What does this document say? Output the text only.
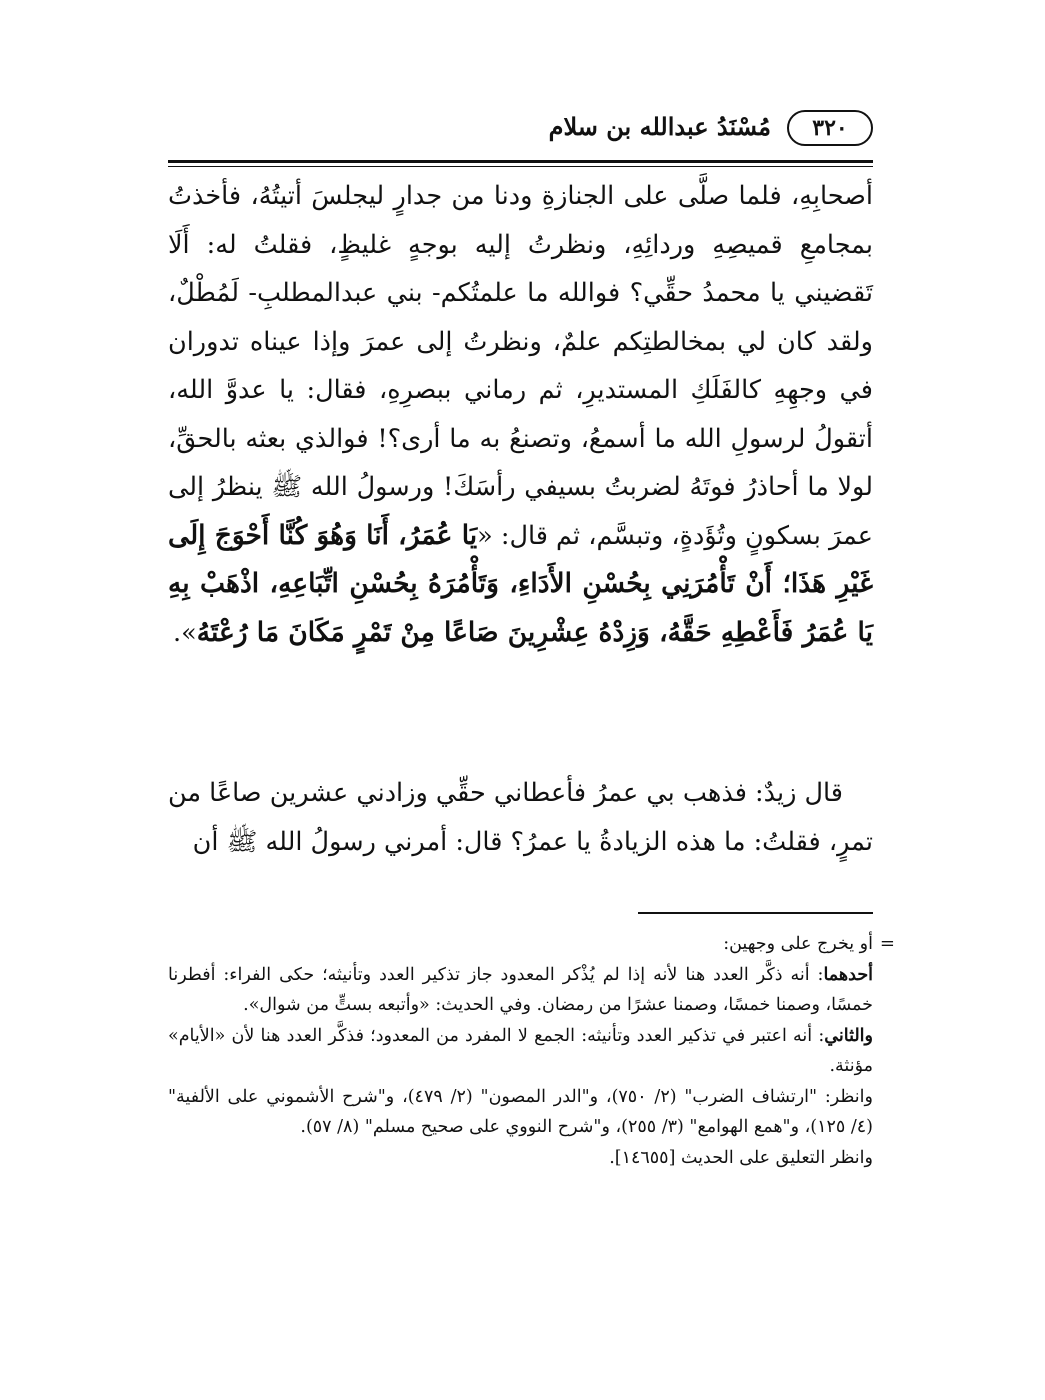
٣٢٠
مُسْنَدُ عبدالله بن سلام

أصحابِهِ، فلما صلَّى على الجنازةِ ودنا من جدارٍ ليجلسَ أتيتُهُ، فأخذتُ بمجامعِ قميصِهِ وردائِهِ، ونظرتُ إليه بوجهٍ غليظٍ، فقلتُ له: أَلَا تَقضيني يا محمدُ حقِّي؟ فوالله ما علمتُكم- بني عبدالمطلبِ- لَمُطْلٌ، ولقد كان لي بمخالطتِكم علمٌ، ونظرتُ إلى عمرَ وإذا عيناه تدوران في وجهِهِ كالفَلَكِ المستديرِ، ثم رماني ببصرِهِ، فقال: يا عدوَّ الله، أتقولُ لرسولِ الله ما أسمعُ، وتصنعُ به ما أرى؟! فوالذي بعثه بالحقِّ، لولا ما أحاذرُ فوتَهُ لضربتُ بسيفي رأسَكَ! ورسولُ الله ﷺ ينظرُ إلى عمرَ بسكونٍ وتُؤَدةٍ، وتبسَّم، ثم قال: «يَا عُمَرُ، أَنَا وَهُوَ كُنَّا أَحْوَجَ إِلَى غَيْرِ هَذَا؛ أَنْ تَأْمُرَنِي بِحُسْنِ الأَدَاءِ، وَتَأْمُرَهُ بِحُسْنِ اتِّبَاعِهِ، اذْهَبْ بِهِ يَا عُمَرُ فَأَعْطِهِ حَقَّهُ، وَزِدْهُ عِشْرِينَ صَاعًا مِنْ تَمْرٍ مَكَانَ مَا رُعْتَهُ».

قال زيدٌ: فذهب بي عمرُ فأعطاني حقِّي وزادني عشرين صاعًا من تمرٍ، فقلتُ: ما هذه الزيادةُ يا عمرُ؟ قال: أمرني رسولُ الله ﷺ أن

=

أو يخرج على وجهين:

أحدهما: أنه ذكَّر العدد هنا لأنه إذا لم يُذْكر المعدود جاز تذكير العدد وتأنيثه؛ حكى الفراء: أفطرنا خمسًا، وصمنا خمسًا، وصمنا عشرًا من رمضان. وفي الحديث: «وأتبعه بستٍّ من شوال».

والثاني: أنه اعتبر في تذكير العدد وتأنيثه: الجمع لا المفرد من المعدود؛ فذكَّر العدد هنا لأن «الأيام» مؤنثة.

وانظر: "ارتشاف الضرب" (٢/ ٧٥٠)، و"الدر المصون" (٢/ ٤٧٩)، و"شرح الأشموني على الألفية" (٤/ ١٢٥)، و"همع الهوامع" (٣/ ٢٥٥)، و"شرح النووي على صحيح مسلم" (٨/ ٥٧).

وانظر التعليق على الحديث [١٤٦٥٥].
